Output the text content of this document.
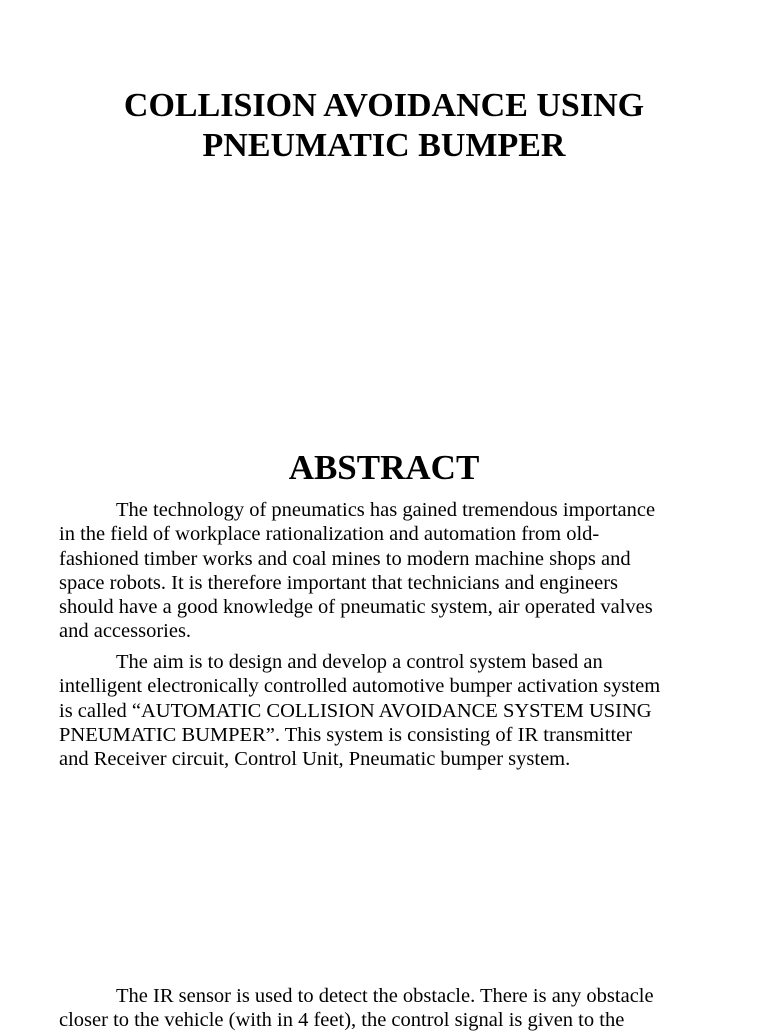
COLLISION AVOIDANCE USING
PNEUMATIC BUMPER
ABSTRACT

The technology of pneumatics has gained tremendous importance
in the field of workplace rationalization and automation from old-
fashioned timber works and coal mines to modern machine shops and
space robots. It is therefore important that technicians and engineers
should have a good knowledge of pneumatic system, air operated valves
and accessories.

The aim is to design and develop a control system based an
intelligent electronically controlled automotive bumper activation system
is called “AUTOMATIC COLLISION AVOIDANCE SYSTEM USING
PNEUMATIC BUMPER”. This system is consisting of IR transmitter
and Receiver circuit, Control Unit, Pneumatic bumper system.

The IR sensor is used to detect the obstacle. There is any obstacle
closer to the vehicle (with in 4 feet), the control signal is given to the
